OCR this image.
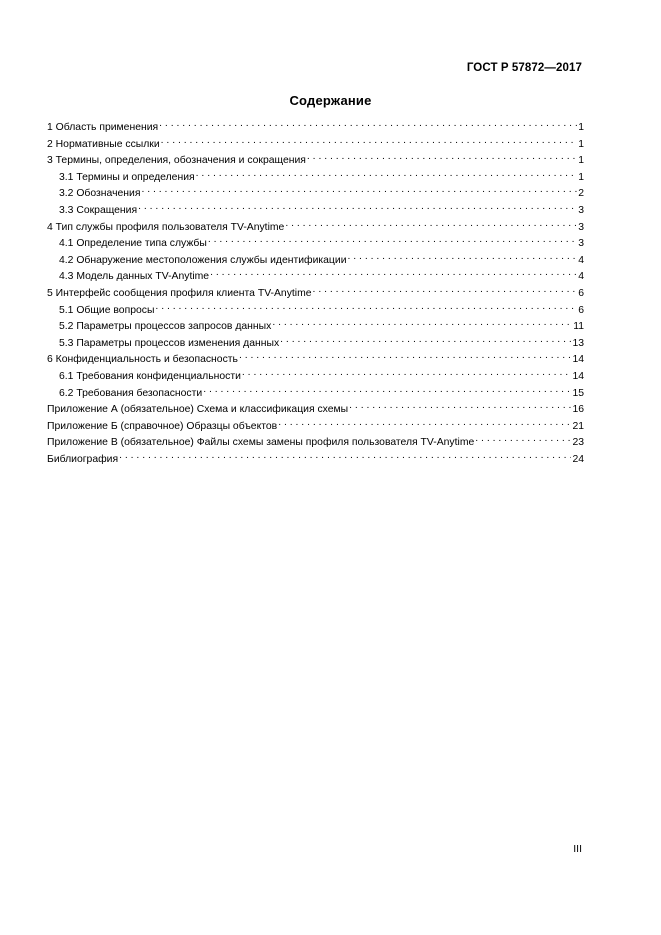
ГОСТ Р 57872—2017
Содержание
1 Область применения . . .	1
2 Нормативные ссылки . . .	1
3 Термины, определения, обозначения и сокращения . . .	1
3.1 Термины и определения . . .	1
3.2 Обозначения . . .	2
3.3 Сокращения . . .	3
4 Тип службы профиля пользователя TV-Anytime . . .	3
4.1 Определение типа службы . . .	3
4.2 Обнаружение местоположения службы идентификации . . .	4
4.3 Модель данных TV-Anytime . . .	4
5 Интерфейс сообщения профиля клиента TV-Anytime . . .	6
5.1 Общие вопросы . . .	6
5.2 Параметры процессов запросов данных . . .	11
5.3 Параметры процессов изменения данных . . .	13
6 Конфиденциальность и безопасность . . .	14
6.1 Требования конфиденциальности . . .	14
6.2 Требования безопасности . . .	15
Приложение А (обязательное) Схема и классификация схемы . . .	16
Приложение Б (справочное) Образцы объектов . . .	21
Приложение В (обязательное) Файлы схемы замены профиля пользователя TV-Anytime . . .	23
Библиография . . .	24
III
